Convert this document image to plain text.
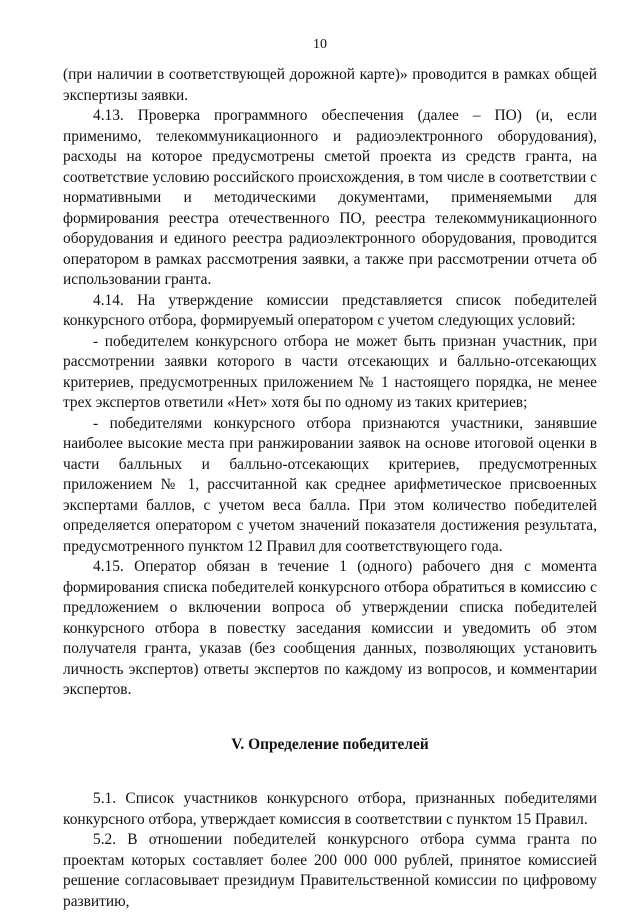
10

(при наличии в соответствующей дорожной карте)» проводится в рамках общей экспертизы заявки.

4.13. Проверка программного обеспечения (далее – ПО) (и, если применимо, телекоммуникационного и радиоэлектронного оборудования), расходы на которое предусмотрены сметой проекта из средств гранта, на соответствие условию российского происхождения, в том числе в соответствии с нормативными и методическими документами, применяемыми для формирования реестра отечественного ПО, реестра телекоммуникационного оборудования и единого реестра радиоэлектронного оборудования, проводится оператором в рамках рассмотрения заявки, а также при рассмотрении отчета об использовании гранта.

4.14. На утверждение комиссии представляется список победителей конкурсного отбора, формируемый оператором с учетом следующих условий:

- победителем конкурсного отбора не может быть признан участник, при рассмотрении заявки которого в части отсекающих и балльно-отсекающих критериев, предусмотренных приложением № 1 настоящего порядка, не менее трех экспертов ответили «Нет» хотя бы по одному из таких критериев;

- победителями конкурсного отбора признаются участники, занявшие наиболее высокие места при ранжировании заявок на основе итоговой оценки в части балльных и балльно-отсекающих критериев, предусмотренных приложением № 1, рассчитанной как среднее арифметическое присвоенных экспертами баллов, с учетом веса балла. При этом количество победителей определяется оператором с учетом значений показателя достижения результата, предусмотренного пунктом 12 Правил для соответствующего года.

4.15. Оператор обязан в течение 1 (одного) рабочего дня с момента формирования списка победителей конкурсного отбора обратиться в комиссию с предложением о включении вопроса об утверждении списка победителей конкурсного отбора в повестку заседания комиссии и уведомить об этом получателя гранта, указав (без сообщения данных, позволяющих установить личность экспертов) ответы экспертов по каждому из вопросов, и комментарии экспертов.

V. Определение победителей

5.1. Список участников конкурсного отбора, признанных победителями конкурсного отбора, утверждает комиссия в соответствии с пунктом 15 Правил.

5.2. В отношении победителей конкурсного отбора сумма гранта по проектам которых составляет более 200 000 000 рублей, принятое комиссией решение согласовывает президиум Правительственной комиссии по цифровому развитию,
